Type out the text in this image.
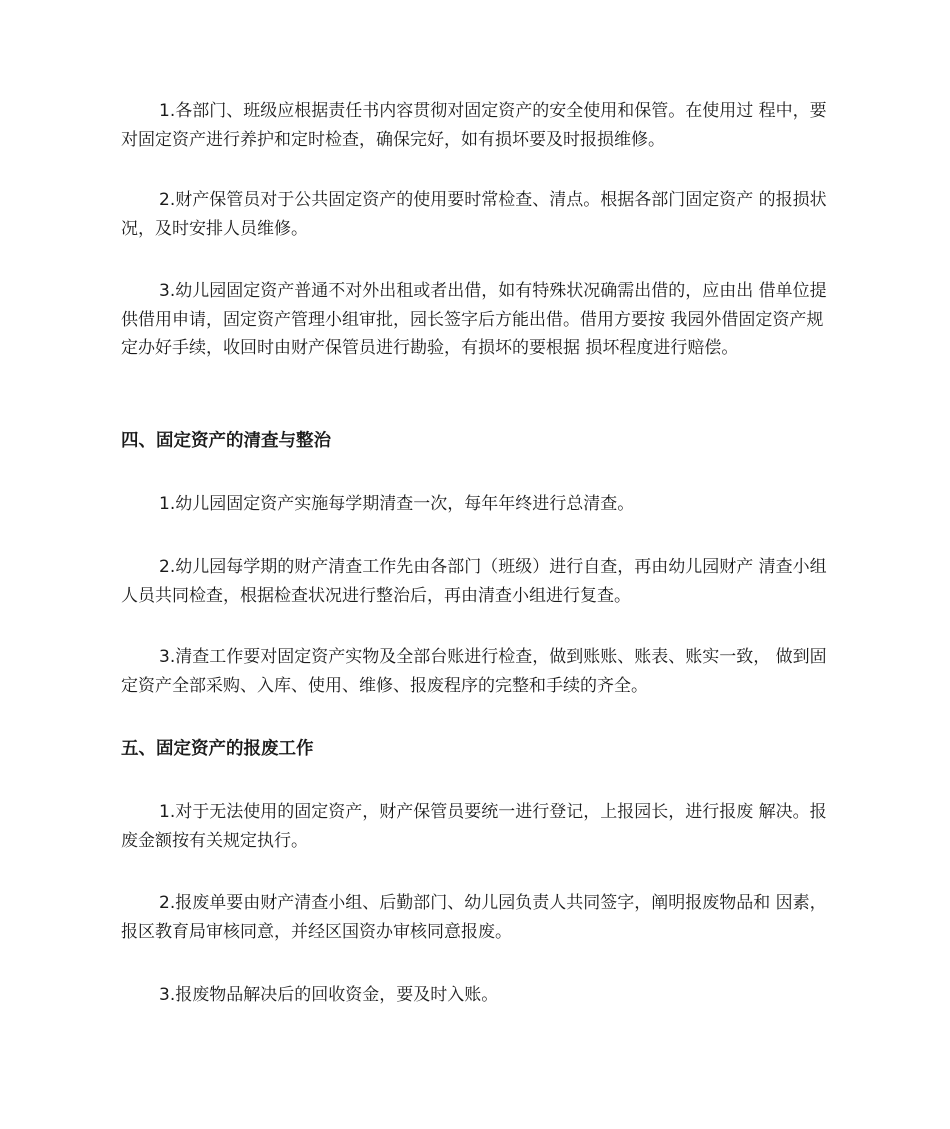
1.各部门、班级应根据责任书内容贯彻对固定资产的安全使用和保管。在使用过 程中，要对固定资产进行养护和定时检查，确保完好，如有损坏要及时报损维修。

2.财产保管员对于公共固定资产的使用要时常检查、清点。根据各部门固定资产 的报损状况，及时安排人员维修。

3.幼儿园固定资产普通不对外出租或者出借，如有特殊状况确需出借的，应由出 借单位提供借用申请，固定资产管理小组审批，园长签字后方能出借。借用方要按 我园外借固定资产规定办好手续，收回时由财产保管员进行勘验，有损坏的要根据 损坏程度进行赔偿。

四、固定资产的清查与整治

1.幼儿园固定资产实施每学期清查一次，每年年终进行总清查。

2.幼儿园每学期的财产清查工作先由各部门（班级）进行自查，再由幼儿园财产 清查小组人员共同检查，根据检查状况进行整治后，再由清查小组进行复查。

3.清查工作要对固定资产实物及全部台账进行检查，做到账账、账表、账实一致， 做到固定资产全部采购、入库、使用、维修、报废程序的完整和手续的齐全。

五、固定资产的报废工作

1.对于无法使用的固定资产，财产保管员要统一进行登记，上报园长，进行报废 解决。报废金额按有关规定执行。

2.报废单要由财产清查小组、后勤部门、幼儿园负责人共同签字，阐明报废物品和 因素，报区教育局审核同意，并经区国资办审核同意报废。

3.报废物品解决后的回收资金，要及时入账。
